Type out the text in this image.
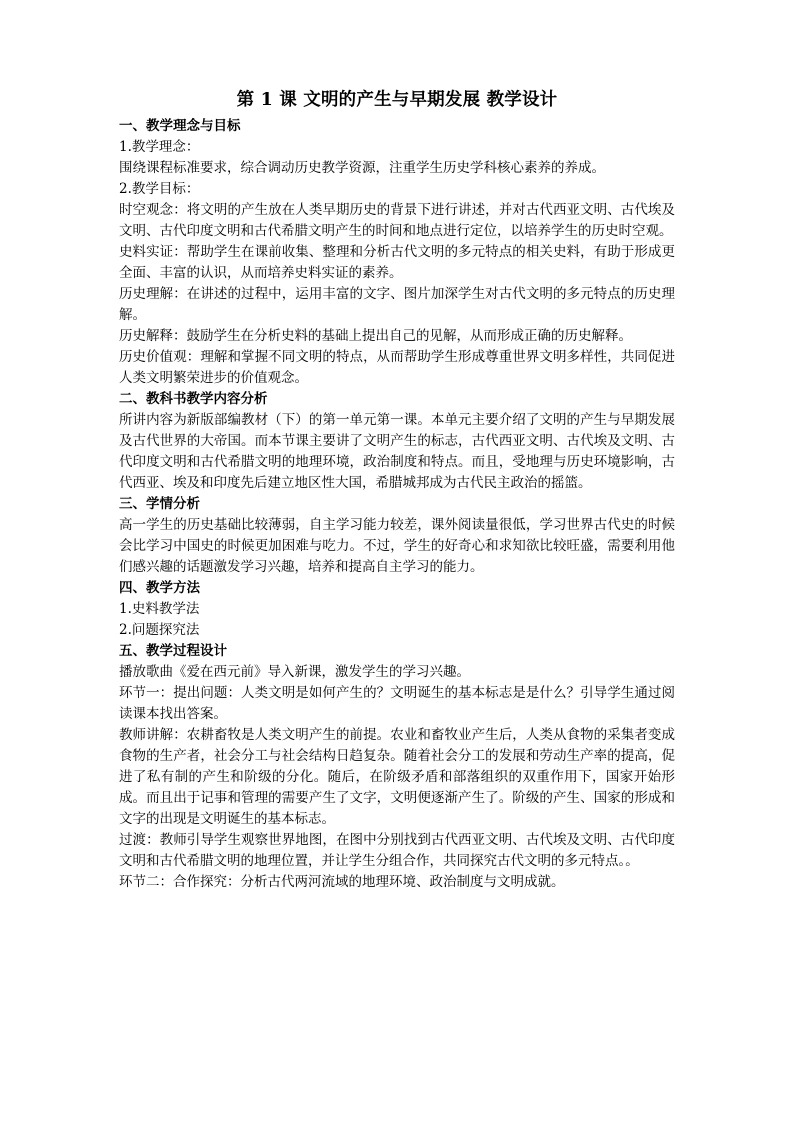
第 1 课 文明的产生与早期发展 教学设计
一、教学理念与目标

1.教学理念：

围绕课程标准要求，综合调动历史教学资源，注重学生历史学科核心素养的养成。

2.教学目标：

时空观念：将文明的产生放在人类早期历史的背景下进行讲述，并对古代西亚文明、古代埃及文明、古代印度文明和古代希腊文明产生的时间和地点进行定位，以培养学生的历史时空观。

史料实证：帮助学生在课前收集、整理和分析古代文明的多元特点的相关史料，有助于形成更全面、丰富的认识，从而培养史料实证的素养。

历史理解：在讲述的过程中，运用丰富的文字、图片加深学生对古代文明的多元特点的历史理解。

历史解释：鼓励学生在分析史料的基础上提出自己的见解，从而形成正确的历史解释。

历史价值观：理解和掌握不同文明的特点，从而帮助学生形成尊重世界文明多样性，共同促进人类文明繁荣进步的价值观念。

二、教科书教学内容分析

所讲内容为新版部编教材（下）的第一单元第一课。本单元主要介绍了文明的产生与早期发展及古代世界的大帝国。而本节课主要讲了文明产生的标志，古代西亚文明、古代埃及文明、古代印度文明和古代希腊文明的地理环境，政治制度和特点。而且，受地理与历史环境影响，古代西亚、埃及和印度先后建立地区性大国，希腊城邦成为古代民主政治的摇篮。

三、学情分析

高一学生的历史基础比较薄弱，自主学习能力较差，课外阅读量很低，学习世界古代史的时候会比学习中国史的时候更加困难与吃力。不过，学生的好奇心和求知欲比较旺盛，需要利用他们感兴趣的话题激发学习兴趣，培养和提高自主学习的能力。

四、教学方法

1.史料教学法

2.问题探究法

五、教学过程设计

播放歌曲《爱在西元前》导入新课，激发学生的学习兴趣。

环节一：提出问题：人类文明是如何产生的？文明诞生的基本标志是是什么？引导学生通过阅读课本找出答案。

教师讲解：农耕畜牧是人类文明产生的前提。农业和畜牧业产生后，人类从食物的采集者变成食物的生产者，社会分工与社会结构日趋复杂。随着社会分工的发展和劳动生产率的提高，促进了私有制的产生和阶级的分化。随后，在阶级矛盾和部落组织的双重作用下，国家开始形成。而且出于记事和管理的需要产生了文字，文明便逐渐产生了。阶级的产生、国家的形成和文字的出现是文明诞生的基本标志。

过渡：教师引导学生观察世界地图，在图中分别找到古代西亚文明、古代埃及文明、古代印度文明和古代希腊文明的地理位置，并让学生分组合作，共同探究古代文明的多元特点。。

环节二：合作探究：分析古代两河流域的地理环境、政治制度与文明成就。
